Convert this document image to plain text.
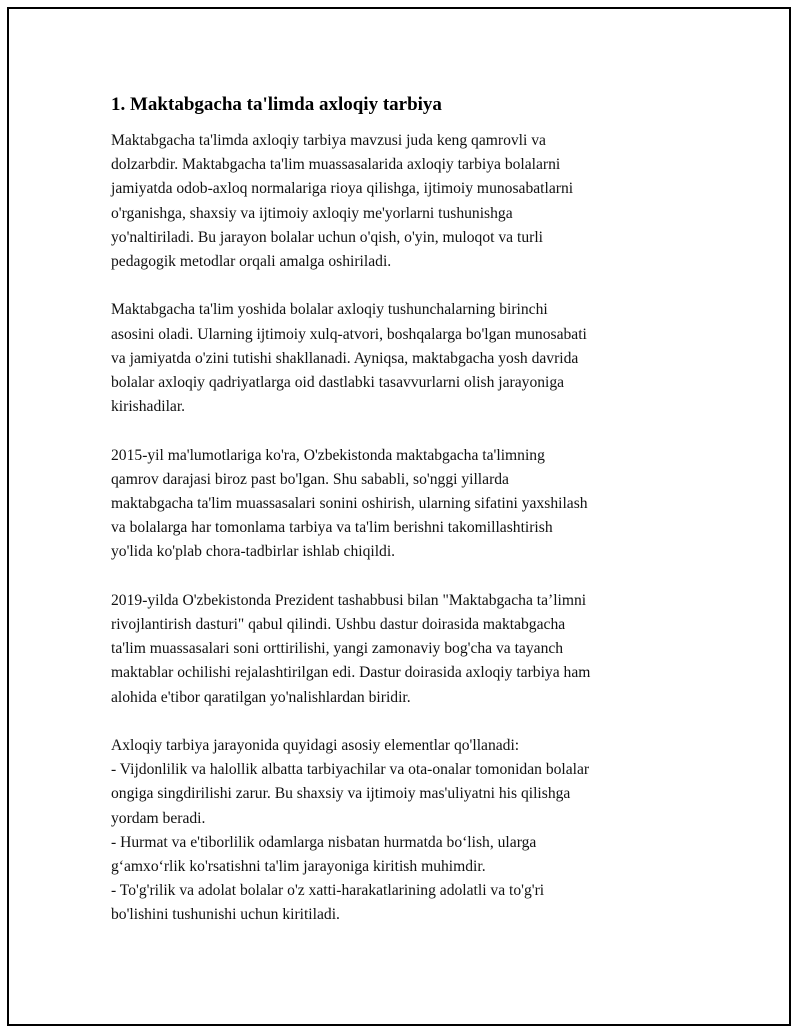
1. Maktabgacha ta'limda axloqiy tarbiya
Maktabgacha ta'limda axloqiy tarbiya mavzusi juda keng qamrovli va
dolzarbdir. Maktabgacha ta'lim muassasalarida axloqiy tarbiya bolalarni
jamiyatda odob-axloq normalariga rioya qilishga, ijtimoiy munosabatlarni
o'rganishga, shaxsiy va ijtimoiy axloqiy me'yorlarni tushunishga
yo'naltiriladi. Bu jarayon bolalar uchun o'qish, o'yin, muloqot va turli
pedagogik metodlar orqali amalga oshiriladi.
Maktabgacha ta'lim yoshida bolalar axloqiy tushunchalarning birinchi
asosini oladi. Ularning ijtimoiy xulq-atvori, boshqalarga bo'lgan munosabati
va jamiyatda o'zini tutishi shakllanadi. Ayniqsa, maktabgacha yosh davrida
bolalar axloqiy qadriyatlarga oid dastlabki tasavvurlarni olish jarayoniga
kirishadilar.
2015-yil ma'lumotlariga ko'ra, O'zbekistonda maktabgacha ta'limning
qamrov darajasi biroz past bo'lgan. Shu sababli, so'nggi yillarda
maktabgacha ta'lim muassasalari sonini oshirish, ularning sifatini yaxshilash
va bolalarga har tomonlama tarbiya va ta'lim berishni takomillashtirish
yo'lida ko'plab chora-tadbirlar ishlab chiqildi.
2019-yilda O'zbekistonda Prezident tashabbusi bilan "Maktabgacha ta’limni
rivojlantirish dasturi" qabul qilindi. Ushbu dastur doirasida maktabgacha
ta'lim muassasalari soni orttirilishi, yangi zamonaviy bog'cha va tayanch
maktablar ochilishi rejalashtirilgan edi. Dastur doirasida axloqiy tarbiya ham
alohida e'tibor qaratilgan yo'nalishlardan biridir.
Axloqiy tarbiya jarayonida quyidagi asosiy elementlar qo'llanadi:
- Vijdonlilik va halollik albatta tarbiyachilar va ota-onalar tomonidan bolalar
ongiga singdirilishi zarur. Bu shaxsiy va ijtimoiy mas'uliyatni his qilishga
yordam beradi.
- Hurmat va e'tiborlilik odamlarga nisbatan hurmatda bo‘lish, ularga
g‘amxo‘rlik ko'rsatishni ta'lim jarayoniga kiritish muhimdir.
- To'g'rilik va adolat bolalar o'z xatti-harakatlarining adolatli va to'g'ri
bo'lishini tushunishi uchun kiritiladi.
